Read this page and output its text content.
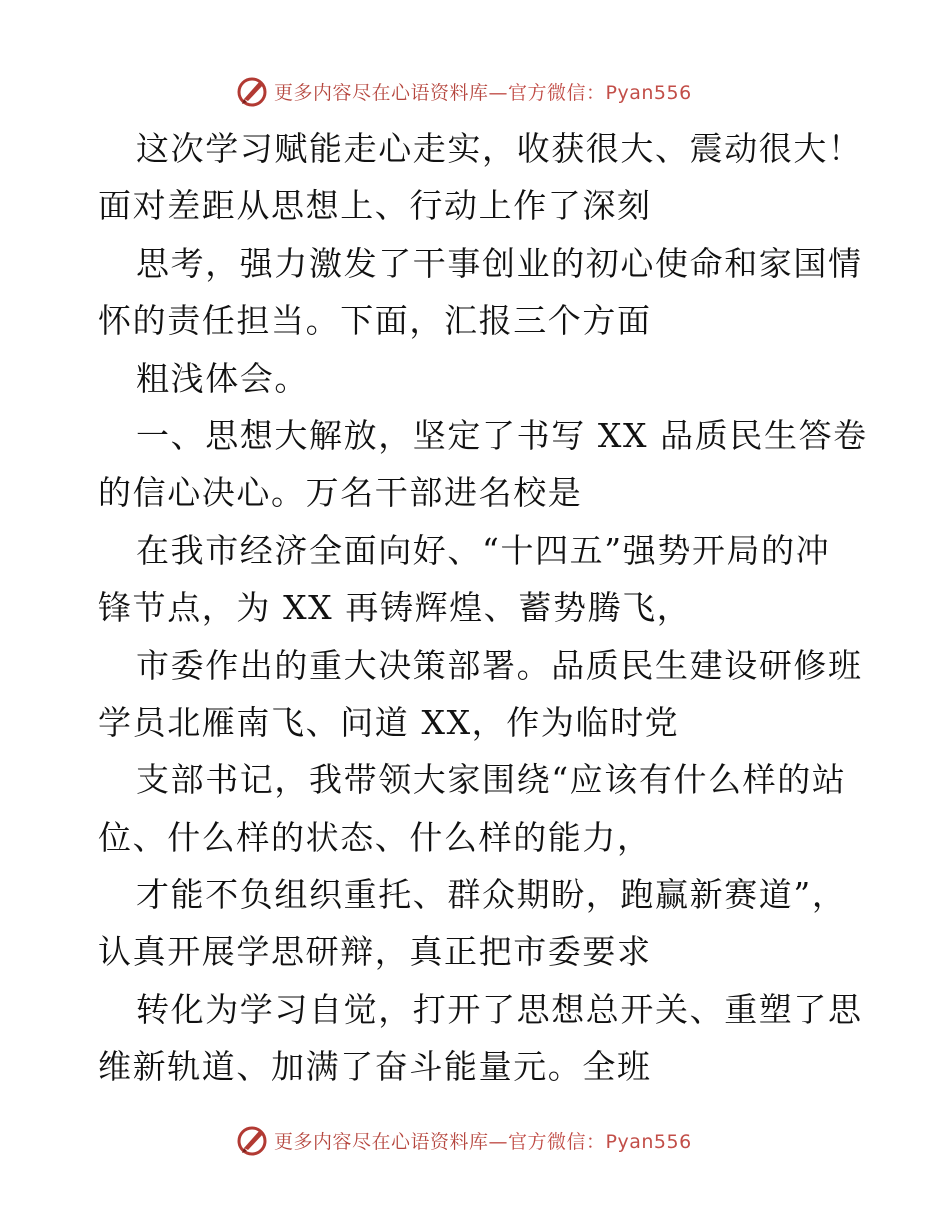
更多内容尽在心语资料库—官方微信：Pyan556
这次学习赋能走心走实，收获很大、震动很大！
面对差距从思想上、行动上作了深刻
思考，强力激发了干事创业的初心使命和家国情
怀的责任担当。下面，汇报三个方面
粗浅体会。
一、思想大解放，坚定了书写 XX 品质民生答卷
的信心决心。万名干部进名校是
在我市经济全面向好、“十四五”强势开局的冲
锋节点，为 XX 再铸辉煌、蓄势腾飞，
市委作出的重大决策部署。品质民生建设研修班
学员北雁南飞、问道 XX，作为临时党
支部书记，我带领大家围绕“应该有什么样的站
位、什么样的状态、什么样的能力，
才能不负组织重托、群众期盼，跑赢新赛道”，
认真开展学思研辩，真正把市委要求
转化为学习自觉，打开了思想总开关、重塑了思
维新轨道、加满了奋斗能量元。全班
更多内容尽在心语资料库—官方微信：Pyan556
